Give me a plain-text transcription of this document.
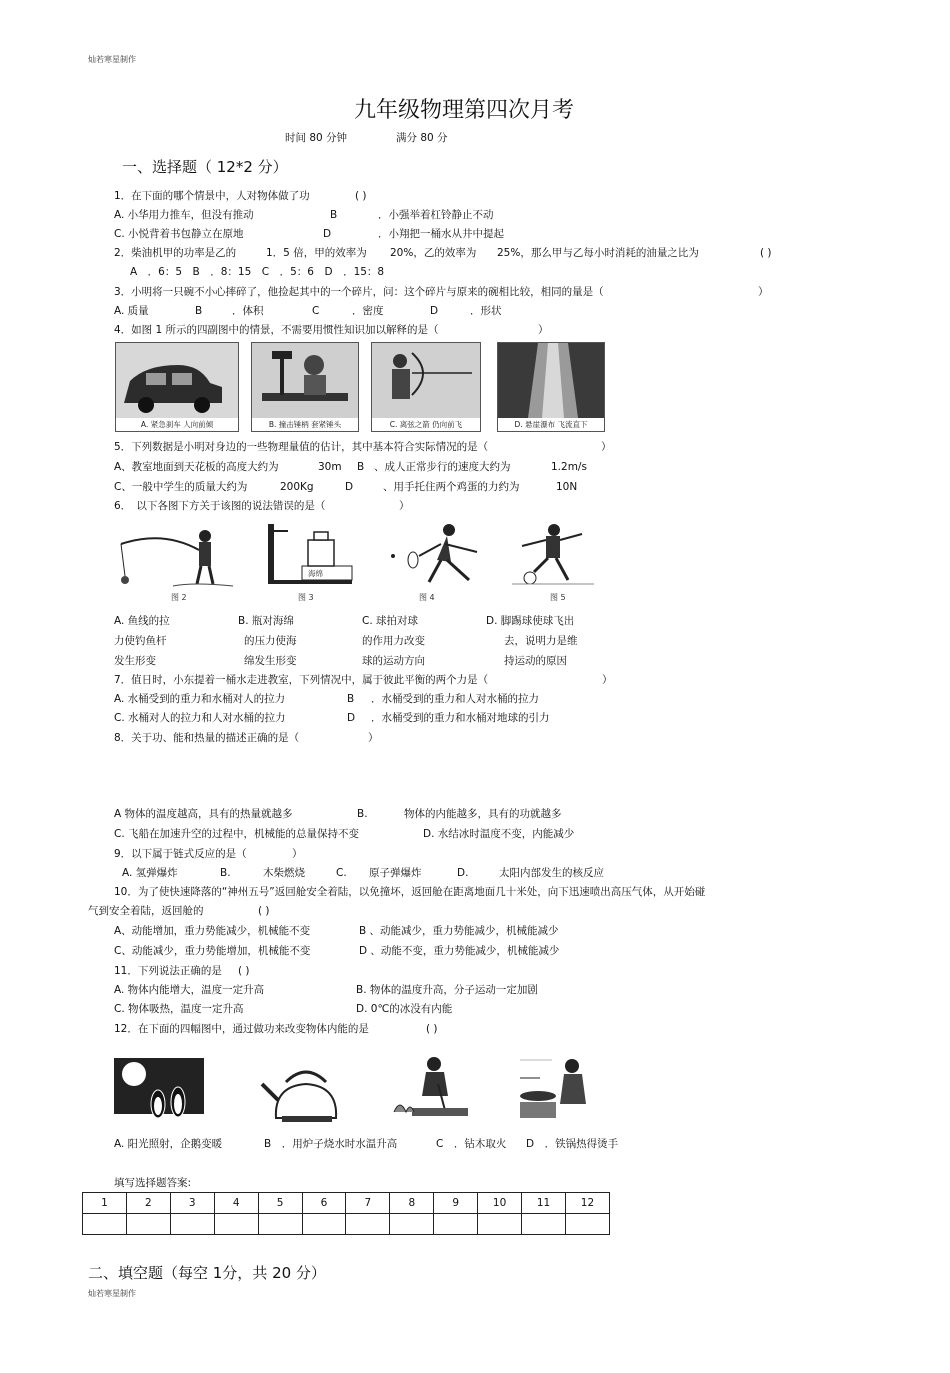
灿若寒星制作
九年级物理第四次月考
时间 80 分钟	满分 80 分
一、选择题（ 12*2 分）
1．在下面的哪个情景中，人对物体做了功	( )
A. 小华用力推车，但没有推动	B	．小强举着杠铃静止不动
C. 小悦背着书包静立在原地	D	．小翔把一桶水从井中提起
2．柴油机甲的功率是乙的	1．5 倍，甲的效率为 20%，乙的效率为 25%，那么甲与乙每小时消耗的油量之比为	( )
A　．6：5　B　．8：15　C　．5：6　D　．15：8
3．小明将一只碗不小心摔碎了，他捡起其中的一个碎片，问：这个碎片与原来的碗相比较，相同的量是（	）
A. 质量	B	．体积	C	．密度	D	．形状
4．如图 1 所示的四副图中的情景，不需要用惯性知识加以解释的是（	）
A. 紧急刹车 人向前倾	B. 撞击锤柄 套紧锤头	C. 离弦之箭 仍向前飞	D. 悬崖瀑布 飞流直下
5．下列数据是小明对身边的一些物理量值的估计，其中基本符合实际情况的是（	）
A、教室地面到天花板的高度大约为	30m B 、成人正常步行的速度大约为	1.2m/s
C、一般中学生的质量大约为	200Kg	D	、用手托住两个鸡蛋的力约为	10N
6．　以下各图下方关于该图的说法错误的是（	）
图 2
海绵
图 3	图 4	图 5
A. 鱼线的拉
力使钓鱼杆
发生形变
B. 瓶对海绵
的压力使海
绵发生形变
C. 球拍对球
的作用力改变
球的运动方向
D. 脚踢球使球飞出
去，说明力是维
持运动的原因
7．值日时，小东提着一桶水走进教室，下列情况中，属于彼此平衡的两个力是（	）
A. 水桶受到的重力和水桶对人的拉力	B ．水桶受到的重力和人对水桶的拉力
C. 水桶对人的拉力和人对水桶的拉力	D ．水桶受到的重力和水桶对地球的引力
8．关于功、能和热量的描述正确的是（	）
A 物体的温度越高，具有的热量就越多	B.	物体的内能越多，具有的功就越多
C. 飞船在加速升空的过程中，机械能的总量保持不变	D. 水结冰时温度不变，内能减少
9．以下属于链式反应的是（	）
A. 氢弹爆炸	B.	木柴燃烧	C. 原子弹爆炸	D.	太阳内部发生的核反应
10．为了使快速降落的“神州五号”返回舱安全着陆，以免撞坏，返回舱在距离地面几十米处，向下迅速喷出高压气体，从开始碰
气到安全着陆，返回舱的	( )
A、动能增加，重力势能减少，机械能不变	B 、动能减少，重力势能减少，机械能减少
C、动能减少，重力势能增加，机械能不变	D 、动能不变，重力势能减少，机械能减少
11．下列说法正确的是 ( )
A. 物体内能增大，温度一定升高	B. 物体的温度升高，分子运动一定加剧
C. 物体吸热，温度一定升高	D. 0℃的冰没有内能
12．在下面的四幅图中，通过做功来改变物体内能的是	( )
A. 阳光照射，企鹅变暖	B　．用炉子烧水时水温升高	C　．钻木取火 D　．铁锅热得烫手
填写选择题答案:
1	2	3	4	5	6	7	8	9	10	11	12

二、填空题（每空 1分，共 20 分）
灿若寒星制作
